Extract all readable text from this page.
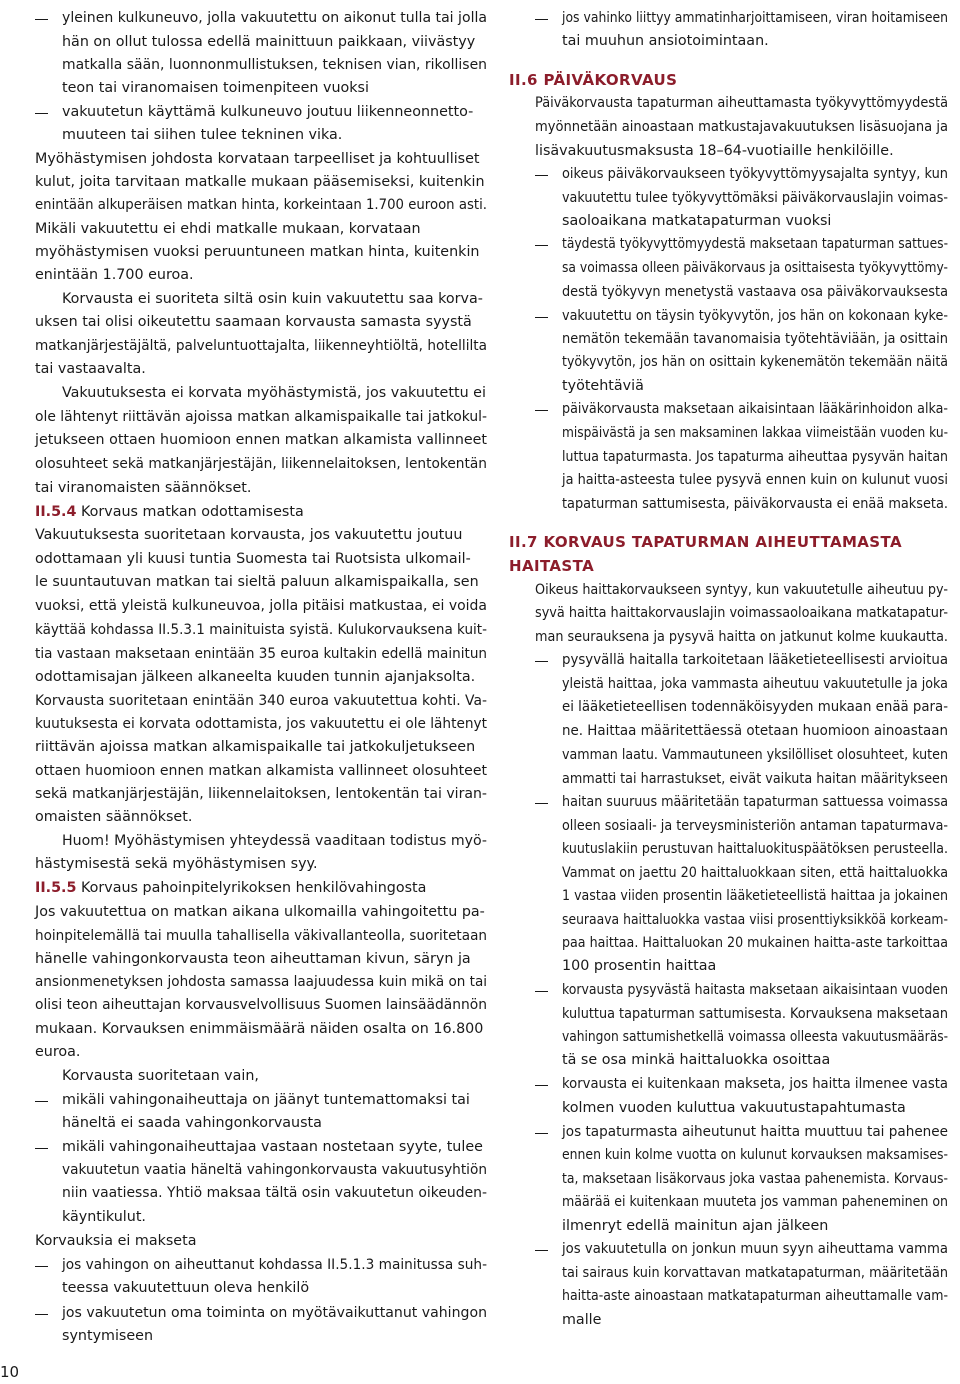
yleinen kulkuneuvo, jolla vakuutettu on aikonut tulla tai jolla
hän on ollut tulossa edellä mainittuun paikkaan, viivästyy
matkalla sään, luonnonmullistuksen, teknisen vian, rikollisen
teon tai viranomaisen toimenpiteen vuoksi
vakuutetun käyttämä kulkuneuvo joutuu liikenneonnetto-
muuteen tai siihen tulee tekninen vika.
Myöhästymisen johdosta korvataan tarpeelliset ja kohtuulliset
kulut, joita tarvitaan matkalle mukaan pääsemiseksi, kuitenkin
enintään alkuperäisen matkan hinta, korkeintaan 1.700 euroon asti.
Mikäli vakuutettu ei ehdi matkalle mukaan, korvataan
myöhästymisen vuoksi peruuntuneen matkan hinta, kuitenkin
enintään 1.700 euroa.
Korvausta ei suoriteta siltä osin kuin vakuutettu saa korva-
uksen tai olisi oikeutettu saamaan korvausta samasta syystä
matkanjärjestäjältä, palveluntuottajalta, liikenneyhtiöltä, hotellilta
tai vastaavalta.
Vakuutuksesta ei korvata myöhästymistä, jos vakuutettu ei
ole lähtenyt riittävän ajoissa matkan alkamispaikalle tai jatkokul-
jetukseen ottaen huomioon ennen matkan alkamista vallinneet
olosuhteet sekä matkanjärjestäjän, liikennelaitoksen, lentokentän
tai viranomaisten säännökset.
II.5.4 Korvaus matkan odottamisesta
Vakuutuksesta suoritetaan korvausta, jos vakuutettu joutuu
odottamaan yli kuusi tuntia Suomesta tai Ruotsista ulkomail-
le suuntautuvan matkan tai sieltä paluun alkamispaikalla, sen
vuoksi, että yleistä kulkuneuvoa, jolla pitäisi matkustaa, ei voida
käyttää kohdassa II.5.3.1 mainituista syistä. Kulukorvauksena kuit-
tia vastaan maksetaan enintään 35 euroa kultakin edellä mainitun
odottamisajan jälkeen alkaneelta kuuden tunnin ajanjaksolta.
Korvausta suoritetaan enintään 340 euroa vakuutettua kohti. Va-
kuutuksesta ei korvata odottamista, jos vakuutettu ei ole lähtenyt
riittävän ajoissa matkan alkamispaikalle tai jatkokuljetukseen
ottaen huomioon ennen matkan alkamista vallinneet olosuhteet
sekä matkanjärjestäjän, liikennelaitoksen, lentokentän tai viran-
omaisten säännökset.
Huom! Myöhästymisen yhteydessä vaaditaan todistus myö-
hästymisestä sekä myöhästymisen syy.
II.5.5 Korvaus pahoinpitelyrikoksen henkilövahingosta
Jos vakuutettua on matkan aikana ulkomailla vahingoitettu pa-
hoinpitelemällä tai muulla tahallisella väkivallanteolla, suoritetaan
hänelle vahingonkorvausta teon aiheuttaman kivun, säryn ja
ansionmenetyksen johdosta samassa laajuudessa kuin mikä on tai
olisi teon aiheuttajan korvausvelvollisuus Suomen lainsäädännön
mukaan. Korvauksen enimmäismäärä näiden osalta on 16.800
euroa.
Korvausta suoritetaan vain,
mikäli vahingonaiheuttaja on jäänyt tuntemattomaksi tai
häneltä ei saada vahingonkorvausta
mikäli vahingonaiheuttajaa vastaan nostetaan syyte, tulee
vakuutetun vaatia häneltä vahingonkorvausta vakuutusyhtiön
niin vaatiessa. Yhtiö maksaa tältä osin vakuutetun oikeuden-
käyntikulut.
Korvauksia ei makseta
jos vahingon on aiheuttanut kohdassa II.5.1.3 mainitussa suh-
teessa vakuutettuun oleva henkilö
jos vakuutetun oma toiminta on myötävaikuttanut vahingon
syntymiseen
jos vahinko liittyy ammatinharjoittamiseen, viran hoitamiseen
tai muuhun ansiotoimintaan.
II.6 PÄIVÄKORVAUS
Päiväkorvausta tapaturman aiheuttamasta työkyvyttömyydestä
myönnetään ainoastaan matkustajavakuutuksen lisäsuojana ja
lisävakuutusmaksusta 18–64-vuotiaille henkilöille.
oikeus päiväkorvaukseen työkyvyttömyysajalta syntyy, kun
vakuutettu tulee työkyvyttömäksi päiväkorvauslajin voimas-
saoloaikana matkatapaturman vuoksi
täydestä työkyvyttömyydestä maksetaan tapaturman sattues-
sa voimassa olleen päiväkorvaus ja osittaisesta työkyvyttömy-
destä työkyvyn menetystä vastaava osa päiväkorvauksesta
vakuutettu on täysin työkyvytön, jos hän on kokonaan kyke-
nemätön tekemään tavanomaisia työtehtäviään, ja osittain
työkyvytön, jos hän on osittain kykenemätön tekemään näitä
työtehtäviä
päiväkorvausta maksetaan aikaisintaan lääkärinhoidon alka-
mispäivästä ja sen maksaminen lakkaa viimeistään vuoden ku-
luttua tapaturmasta. Jos tapaturma aiheuttaa pysyvän haitan
ja haitta-asteesta tulee pysyvä ennen kuin on kulunut vuosi
tapaturman sattumisesta, päiväkorvausta ei enää makseta.
II.7 KORVAUS TAPATURMAN AIHEUTTAMASTA
HAITASTA
Oikeus haittakorvaukseen syntyy, kun vakuutetulle aiheutuu py-
syvä haitta haittakorvauslajin voimassaoloaikana matkatapatur-
man seurauksena ja pysyvä haitta on jatkunut kolme kuukautta.
pysyvällä haitalla tarkoitetaan lääketieteellisesti arvioitua
yleistä haittaa, joka vammasta aiheutuu vakuutetulle ja joka
ei lääketieteellisen todennäköisyyden mukaan enää para-
ne. Haittaa määritettäessä otetaan huomioon ainoastaan
vamman laatu. Vammautuneen yksilölliset olosuhteet, kuten
ammatti tai harrastukset, eivät vaikuta haitan määritykseen
haitan suuruus määritetään tapaturman sattuessa voimassa
olleen sosiaali- ja terveysministeriön antaman tapaturmava-
kuutuslakiin perustuvan haittaluokituspäätöksen perusteella.
Vammat on jaettu 20 haittaluokkaan siten, että haittaluokka
1 vastaa viiden prosentin lääketieteellistä haittaa ja jokainen
seuraava haittaluokka vastaa viisi prosenttiyksikköä korkeam-
paa haittaa. Haittaluokan 20 mukainen haitta-aste tarkoittaa
100 prosentin haittaa
korvausta pysyvästä haitasta maksetaan aikaisintaan vuoden
kuluttua tapaturman sattumisesta. Korvauksena maksetaan
vahingon sattumishetkellä voimassa olleesta vakuutusmääräs-
tä se osa minkä haittaluokka osoittaa
korvausta ei kuitenkaan makseta, jos haitta ilmenee vasta
kolmen vuoden kuluttua vakuutustapahtumasta
jos tapaturmasta aiheutunut haitta muuttuu tai pahenee
ennen kuin kolme vuotta on kulunut korvauksen maksamises-
ta, maksetaan lisäkorvaus joka vastaa pahenemista. Korvaus-
määrää ei kuitenkaan muuteta jos vamman paheneminen on
ilmenryt edellä mainitun ajan jälkeen
jos vakuutetulla on jonkun muun syyn aiheuttama vamma
tai sairaus kuin korvattavan matkatapaturman, määritetään
haitta-aste ainoastaan matkatapaturman aiheuttamalle vam-
malle
10
